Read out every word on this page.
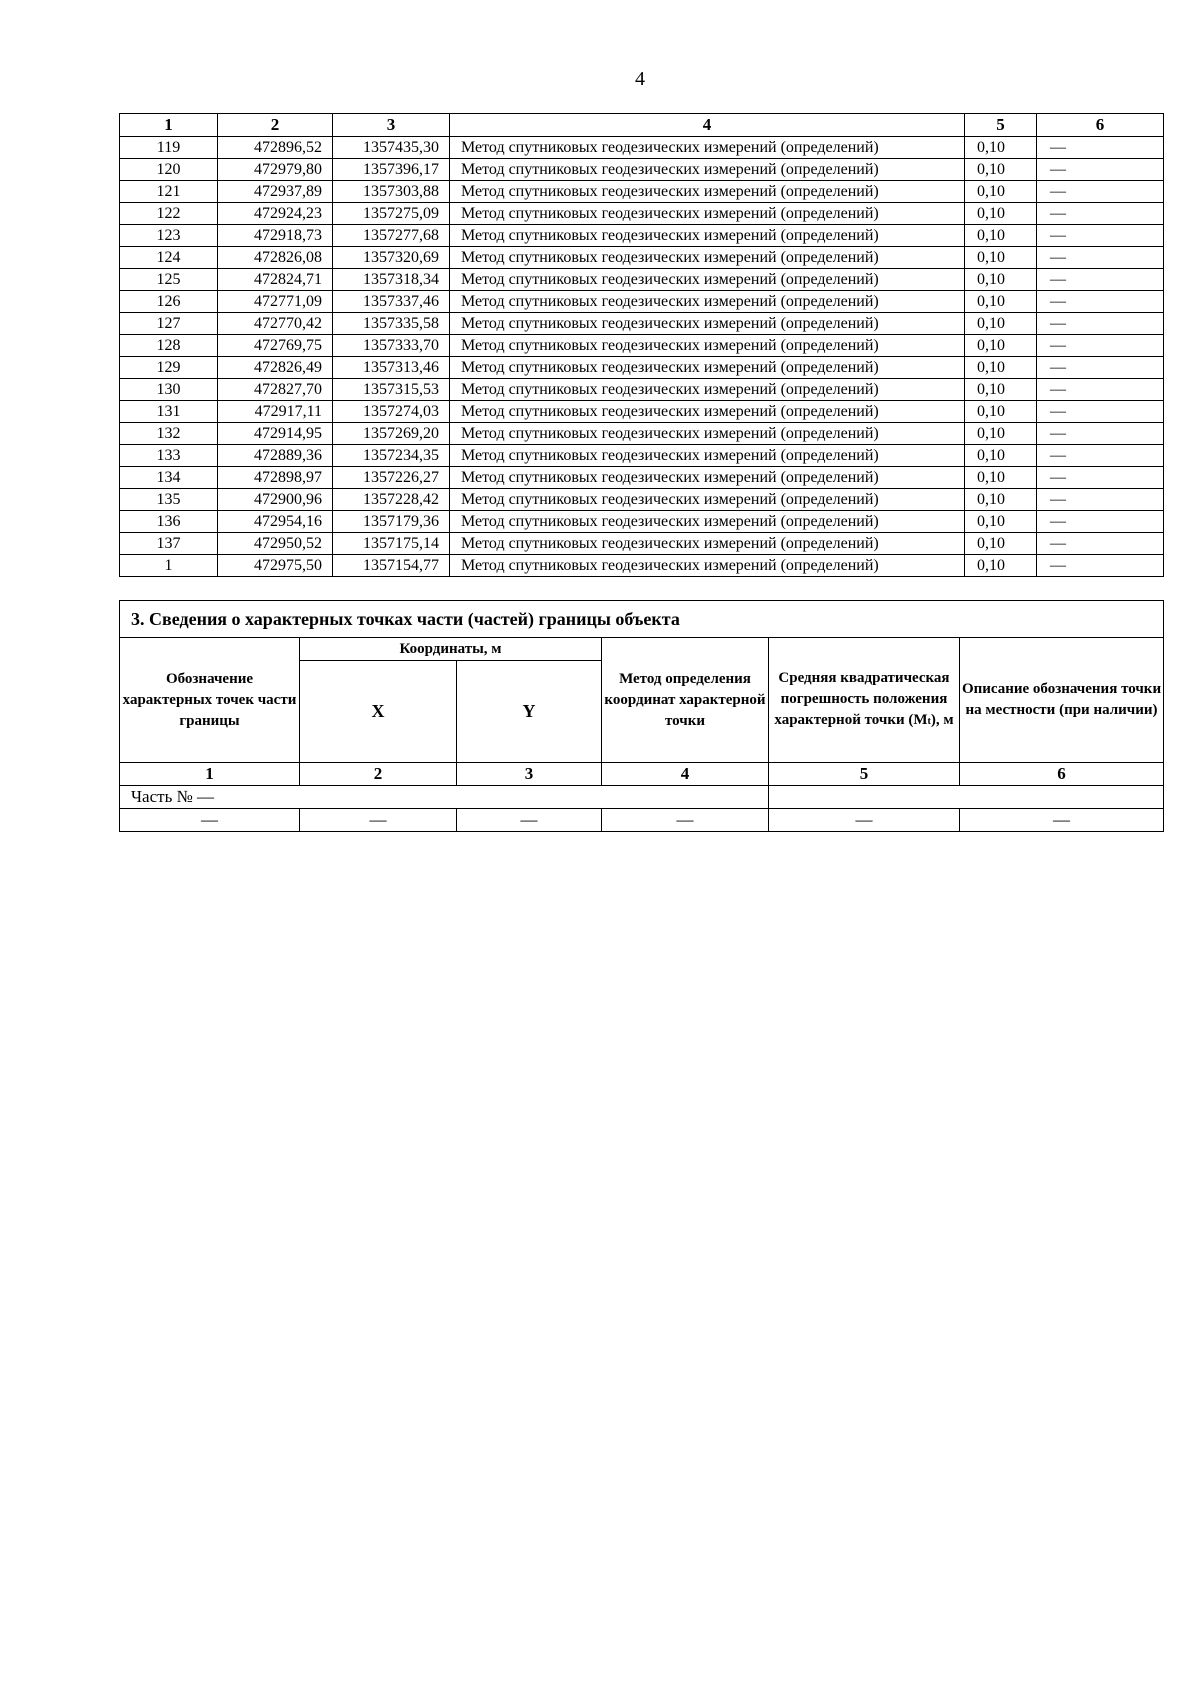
4
1	2	3	4	5	6
119	472896,52	1357435,30	Метод спутниковых геодезических измерений (определений)	0,10	—
120	472979,80	1357396,17	Метод спутниковых геодезических измерений (определений)	0,10	—
121	472937,89	1357303,88	Метод спутниковых геодезических измерений (определений)	0,10	—
122	472924,23	1357275,09	Метод спутниковых геодезических измерений (определений)	0,10	—
123	472918,73	1357277,68	Метод спутниковых геодезических измерений (определений)	0,10	—
124	472826,08	1357320,69	Метод спутниковых геодезических измерений (определений)	0,10	—
125	472824,71	1357318,34	Метод спутниковых геодезических измерений (определений)	0,10	—
126	472771,09	1357337,46	Метод спутниковых геодезических измерений (определений)	0,10	—
127	472770,42	1357335,58	Метод спутниковых геодезических измерений (определений)	0,10	—
128	472769,75	1357333,70	Метод спутниковых геодезических измерений (определений)	0,10	—
129	472826,49	1357313,46	Метод спутниковых геодезических измерений (определений)	0,10	—
130	472827,70	1357315,53	Метод спутниковых геодезических измерений (определений)	0,10	—
131	472917,11	1357274,03	Метод спутниковых геодезических измерений (определений)	0,10	—
132	472914,95	1357269,20	Метод спутниковых геодезических измерений (определений)	0,10	—
133	472889,36	1357234,35	Метод спутниковых геодезических измерений (определений)	0,10	—
134	472898,97	1357226,27	Метод спутниковых геодезических измерений (определений)	0,10	—
135	472900,96	1357228,42	Метод спутниковых геодезических измерений (определений)	0,10	—
136	472954,16	1357179,36	Метод спутниковых геодезических измерений (определений)	0,10	—
137	472950,52	1357175,14	Метод спутниковых геодезических измерений (определений)	0,10	—
1	472975,50	1357154,77	Метод спутниковых геодезических измерений (определений)	0,10	—
3. Сведения о характерных точках части (частей) границы объекта					
Обозначение характерных точек части границы	Координаты, м		Метод определения координат характерной точки	Средняя квадратическая погрешность положения характерной точки (Mt), м	Описание обозначения точки на местности (при наличии)
	X	Y			
1	2	3	4	5	6
Часть № —					
—	—	—	—	—	—
